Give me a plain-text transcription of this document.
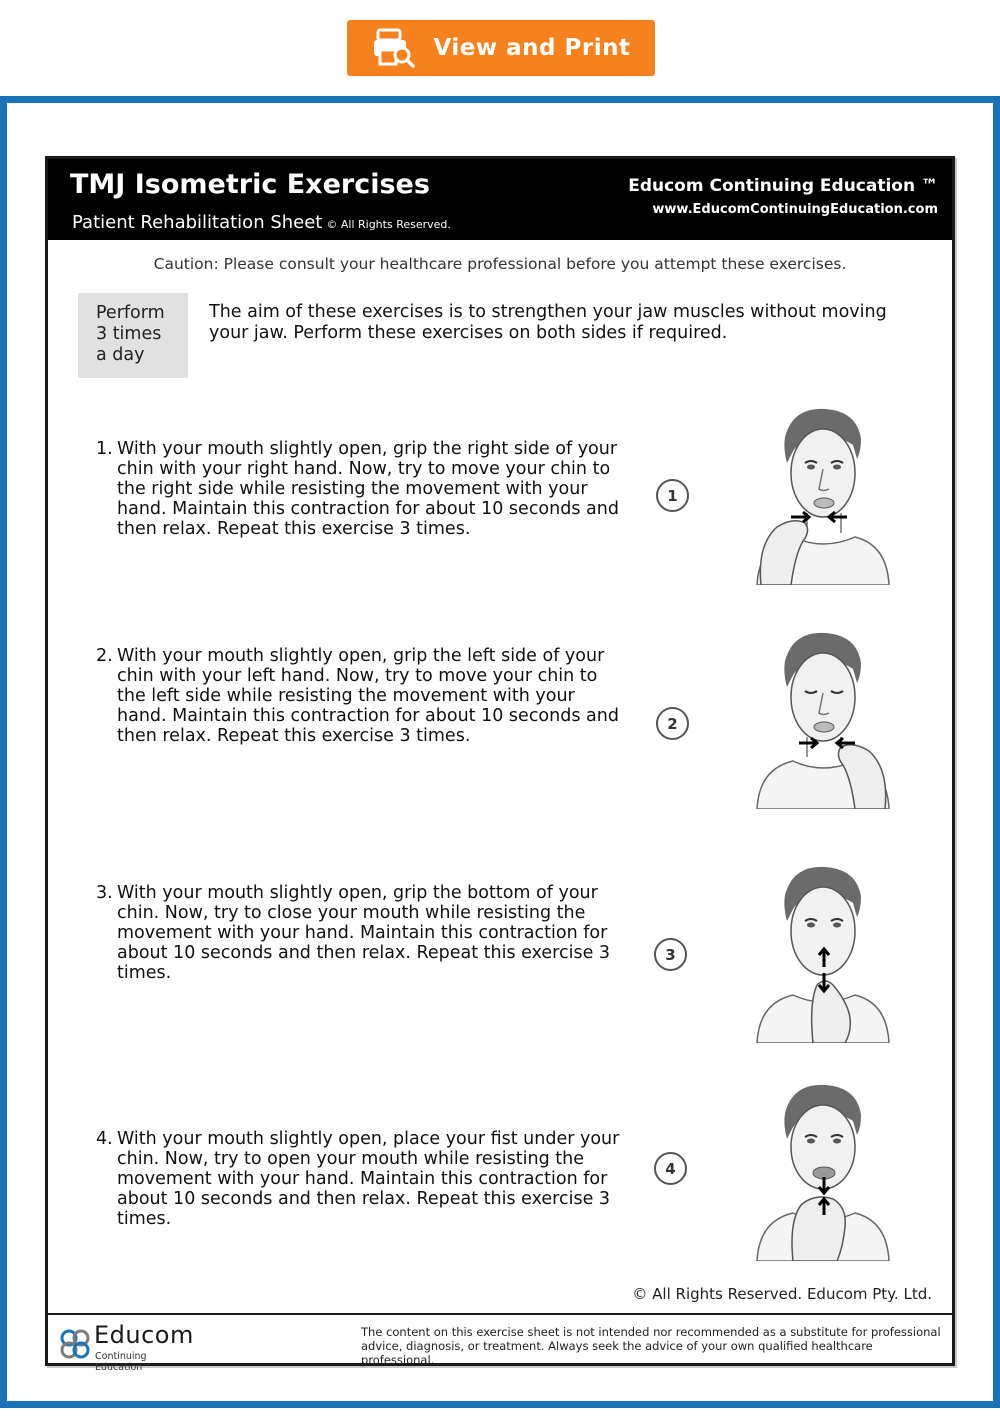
View and Print
TMJ Isometric Exercises
Patient Rehabilitation Sheet © All Rights Reserved.
Educom Continuing Education ™
www.EducomContinuingEducation.com
Caution: Please consult your healthcare professional before you attempt these exercises.
Perform
3 times
a day
The aim of these exercises is to strengthen your jaw muscles without moving your jaw. Perform these exercises on both sides if required.
1. With your mouth slightly open, grip the right side of your chin with your right hand. Now, try to move your chin to the right side while resisting the movement with your hand. Maintain this contraction for about 10 seconds and then relax. Repeat this exercise 3 times.
1
2. With your mouth slightly open, grip the left side of your chin with your left hand. Now, try to move your chin to the left side while resisting the movement with your hand. Maintain this contraction for about 10 seconds and then relax. Repeat this exercise 3 times.
2
3. With your mouth slightly open, grip the bottom of your chin. Now, try to close your mouth while resisting the movement with your hand. Maintain this contraction for about 10 seconds and then relax. Repeat this exercise 3 times.
3
4. With your mouth slightly open, place your fist under your chin. Now, try to open your mouth while resisting the movement with your hand. Maintain this contraction for about 10 seconds and then relax. Repeat this exercise 3 times.
4
© All Rights Reserved. Educom Pty. Ltd.
Educom
Continuing Education™
The content on this exercise sheet is not intended nor recommended as a substitute for professional advice, diagnosis, or treatment. Always seek the advice of your own qualified healthcare professional.
